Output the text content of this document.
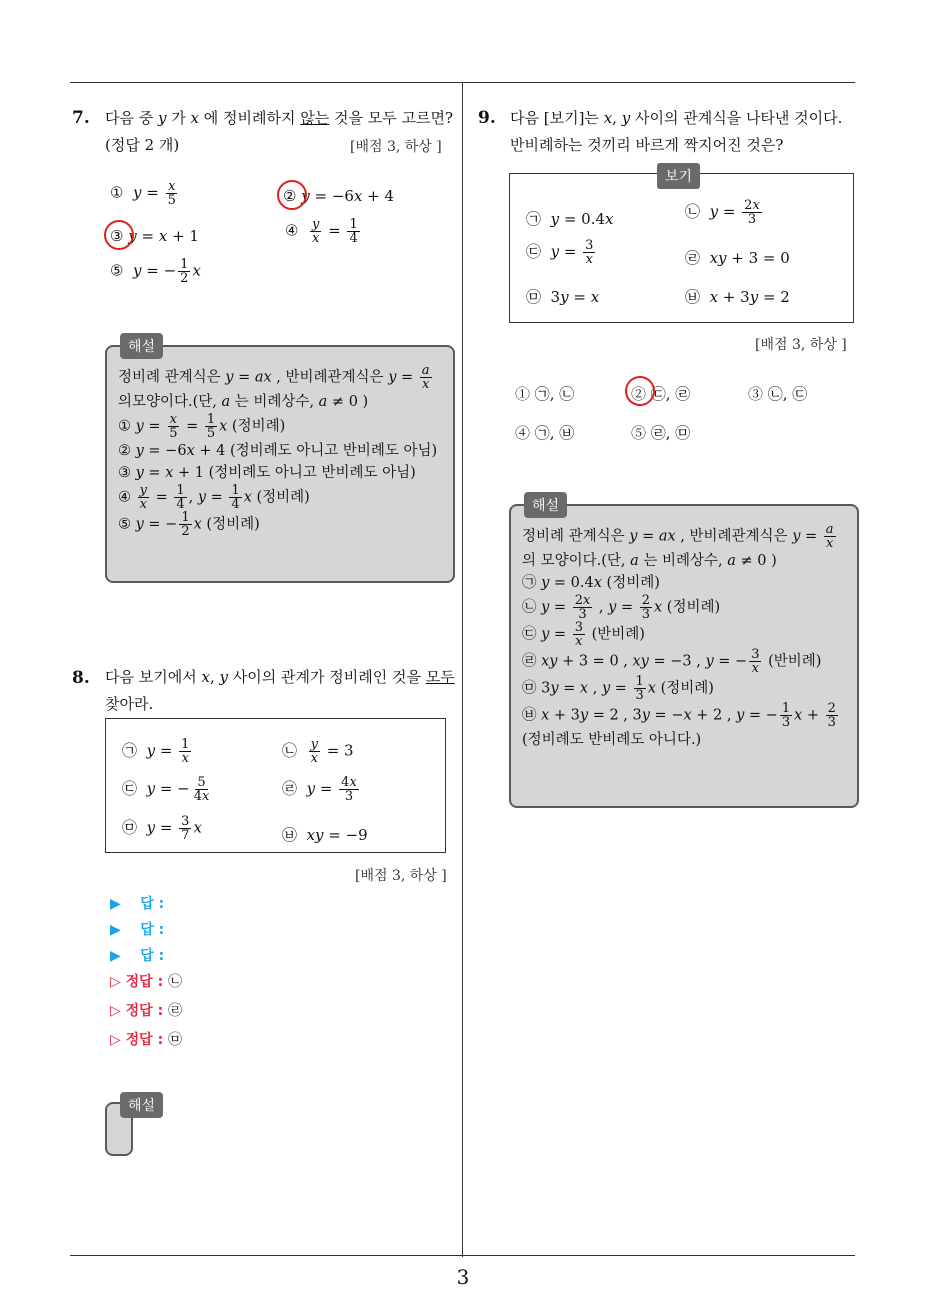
3
7. 다음 중 y 가 x 에 정비례하지 않는 것을 모두 고르면?
(정답 2 개)	[배점 3, 하상 ]
① $y = \frac{x}{5}$	② y = −6x + 4
③ y = x + 1	④ $\frac{y}{x} = \frac{1}{4}$
⑤ y = − $\frac{1}{2}$ x
해설
정비례 관계식은 y = ax , 반비례관계식은 $y = \frac{a}{x}$
의모양이다.(단, a 는 비례상수, a ≠ 0 )
① $y = \frac{x}{5} = \frac{1}{5}$ x (정비례)
② y = −6x + 4 (정비례도 아니고 반비례도 아님)
③ y = x + 1 (정비례도 아니고 반비례도 아님)
④ $\frac{y}{x} = \frac{1}{4}$ , $y = \frac{1}{4}$ x (정비례)
⑤ y = − $\frac{1}{2}$ x (정비례)
8. 다음 보기에서 x, y 사이의 관계가 정비례인 것을 모두
찾아라.
㉠ $y = \frac{1}{x}$	㉡ $\frac{y}{x} = 3$
㉢ y = − $\frac{5}{4x}$	㉣ $y = \frac{4x}{3}$
㉤ $y = \frac{3}{7}$ x	㉥ xy = −9
[배점 3, 하상 ]
▶ 답 :
▶ 답 :
▶ 답 :
▷ 정답 : ㉡
▷ 정답 : ㉣
▷ 정답 : ㉤
해설
9. 다음 [보기]는 x, y 사이의 관계식을 나타낸 것이다.
반비례하는 것끼리 바르게 짝지어진 것은?
보기
㉠ y = 0.4x	㉡ $y = \frac{2x}{3}$
㉢ $y = \frac{3}{x}$	㉣ xy + 3 = 0
㉤  3y = x	㉥ x + 3y = 2
[배점 3, 하상 ]
① ㉠, ㉡	② ㉢, ㉣	③ ㉡, ㉢
④ ㉠, ㉥	⑤ ㉣, ㉤
해설
정비례 관계식은 y = ax , 반비례관계식은 $y = \frac{a}{x}$
의 모양이다.(단, a 는 비례상수, a ≠ 0 )
㉠ y = 0.4x (정비례)
㉡ $y = \frac{2x}{3}$ , $y = \frac{2}{3}$ x (정비례)
㉢ $y = \frac{3}{x}$ (반비례)
㉣ xy + 3 = 0 , xy = −3 , y = − $\frac{3}{x}$ (반비례)
㉤ 3y = x , $y = \frac{1}{3}$ x (정비례)
㉥ x + 3y = 2 , 3y = −x + 2 , y = − $\frac{1}{3}$ $x + \frac{2}{3}$
(정비례도 반비례도 아니다.)
